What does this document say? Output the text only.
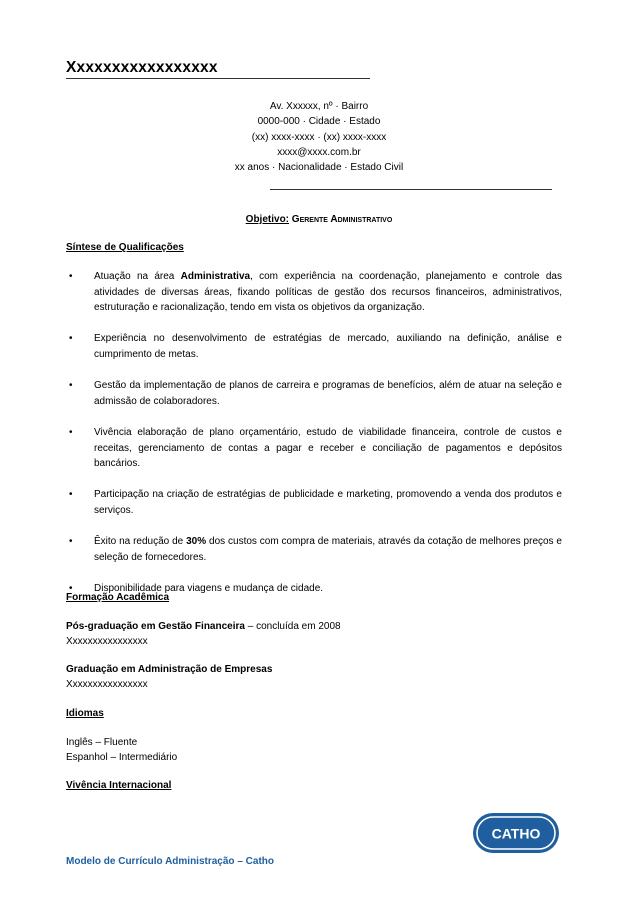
Xxxxxxxxxxxxxxxxx
Av. Xxxxxx, nº · Bairro
0000-000 · Cidade · Estado
(xx) xxxx-xxxx · (xx) xxxx-xxxx
xxxx@xxxx.com.br
xx anos · Nacionalidade · Estado Civil
Objetivo: Gerente Administrativo
Síntese de Qualificações
• Atuação na área Administrativa, com experiência na coordenação, planejamento e controle das atividades de diversas áreas, fixando políticas de gestão dos recursos financeiros, administrativos, estruturação e racionalização, tendo em vista os objetivos da organização.
• Experiência no desenvolvimento de estratégias de mercado, auxiliando na definição, análise e cumprimento de metas.
• Gestão da implementação de planos de carreira e programas de benefícios, além de atuar na seleção e admissão de colaboradores.
• Vivência elaboração de plano orçamentário, estudo de viabilidade financeira, controle de custos e receitas, gerenciamento de contas a pagar e receber e conciliação de pagamentos e depósitos bancários.
• Participação na criação de estratégias de publicidade e marketing, promovendo a venda dos produtos e serviços.
• Êxito na redução de 30% dos custos com compra de materiais, através da cotação de melhores preços e seleção de fornecedores.
• Disponibilidade para viagens e mudança de cidade.
Formação Acadêmica
Pós-graduação em Gestão Financeira – concluída em 2008
Xxxxxxxxxxxxxxxx
Graduação em Administração de Empresas
Xxxxxxxxxxxxxxxx
Idiomas
Inglês – Fluente
Espanhol – Intermediário
Vivência Internacional
Modelo de Currículo Administração – Catho
CATHO
